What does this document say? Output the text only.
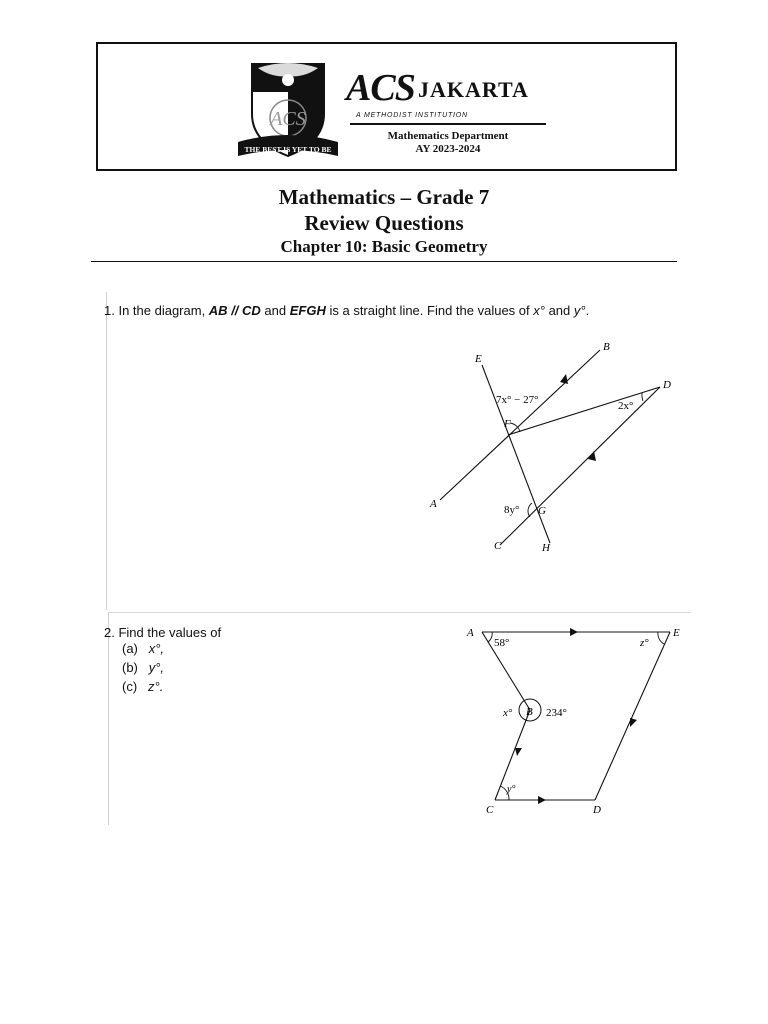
ACS
THE BEST IS YET TO BE
ACS JAKARTA
A METHODIST INSTITUTION
Mathematics Department
AY 2023-2024
Mathematics – Grade 7
Review Questions
Chapter 10: Basic Geometry
1. In the diagram, AB // CD and EFGH is a straight line. Find the values of x° and y°.
E
B
D
F
A
G
C	H
7x° − 27°	2x°
8y°
2. Find the values of
(a) x°,
(b) y°,
(c) z°.
A	E
B
C	D
58°	z°
x°	234°
y°
